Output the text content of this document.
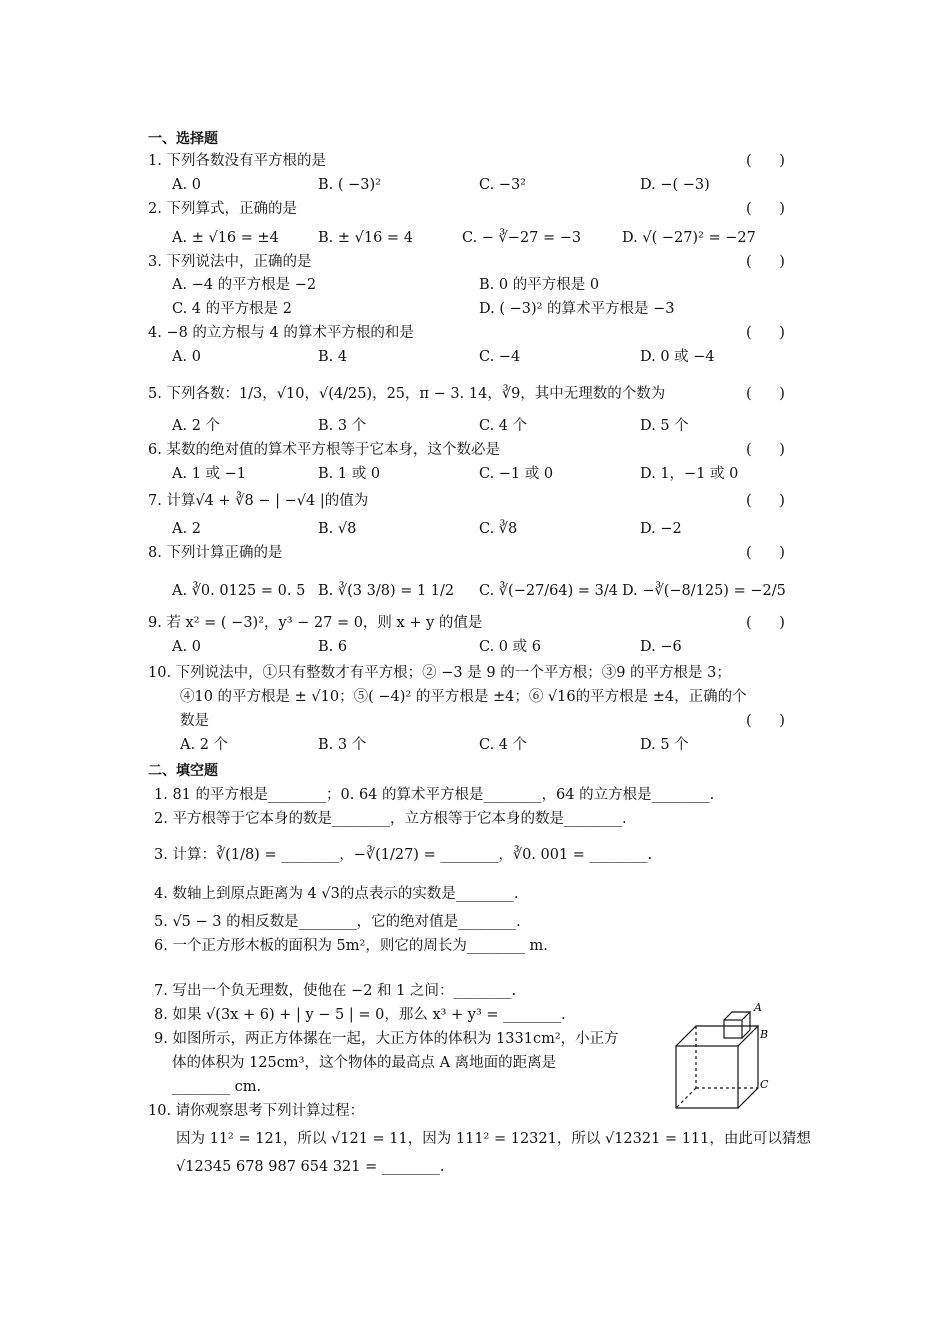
一、选择题
1. 下列各数没有平方根的是	(      )
A. 0	B. ( −3)²	C. −3²	D. −( −3)
2. 下列算式，正确的是	(      )
A. ± √16 = ±4	B. ± √16 = 4	C. − ∛−27 = −3	D. √( −27)² = −27
3. 下列说法中，正确的是	(      )
A. −4 的平方根是 −2	B. 0 的平方根是 0
C. 4 的平方根是 2	D. ( −3)² 的算术平方根是 −3
4. −8 的立方根与 4 的算术平方根的和是	(      )
A. 0	B. 4	C. −4	D. 0 或 −4
5. 下列各数：1/3，√10，√(4/25)，25，π − 3. 14，∛9，其中无理数的个数为	(      )
A. 2 个	B. 3 个	C. 4 个	D. 5 个
6. 某数的绝对值的算术平方根等于它本身，这个数必是	(      )
A. 1 或 −1	B. 1 或 0	C. −1 或 0	D. 1，−1 或 0
7. 计算√4 + ∛8 − | −√4 |的值为	(      )
A. 2	B. √8	C. ∛8	D. −2
8. 下列计算正确的是	(      )
A. ∛0. 0125 = 0. 5 B. ∛(3 3/8) = 1 1/2 C. ∛(−27/64) = 3/4 D. −∛(−8/125) = −2/5
9. 若 x² = ( −3)²，y³ − 27 = 0，则 x + y 的值是	(      )
A. 0	B. 6	C. 0 或 6	D. −6
10. 下列说法中，①只有整数才有平方根；② −3 是 9 的一个平方根；③9 的平方根是 3；
④10 的平方根是 ± √10；⑤( −4)² 的平方根是 ±4；⑥ √16的平方根是 ±4，正确的个
数是	(      )
A. 2 个	B. 3 个	C. 4 个	D. 5 个
二、填空题
1. 81 的平方根是________；0. 64 的算术平方根是________，64 的立方根是________.
2. 平方根等于它本身的数是________，立方根等于它本身的数是________.
3. 计算：∛(1/8) = ________，−∛(1/27) = ________，∛0. 001 = ________.
4. 数轴上到原点距离为 4 √3的点表示的实数是________.
5. √5 − 3 的相反数是________，它的绝对值是________.
6. 一个正方形木板的面积为 5m²，则它的周长为________ m.
7. 写出一个负无理数，使他在 −2 和 1 之间：________.
8. 如果 √(3x + 6) + | y − 5 | = 0，那么 x³ + y³ = ________.
9. 如图所示，两正方体摞在一起，大正方体的体积为 1331cm²，小正方
体的体积为 125cm³，这个物体的最高点 A 离地面的距离是
________ cm.
10. 请你观察思考下列计算过程：
因为 11² = 121，所以 √121 = 11，因为 111² = 12321，所以 √12321 = 111，由此可以猜想
√12345 678 987 654 321 = ________.
A
B
C
